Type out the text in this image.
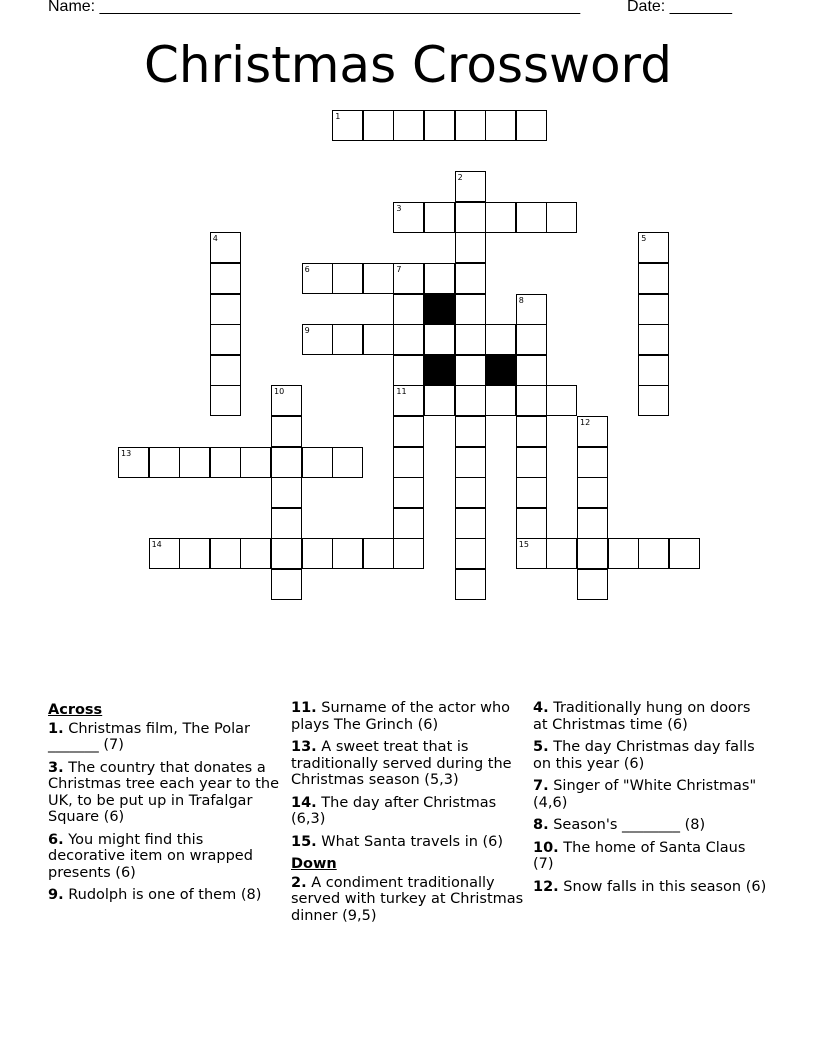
Name: ______________________________________________________	Date: _______
Christmas Crossword
1
2
3
4	5
6	7
11
8
9
10
12
13
14	15
Across
1. Christmas film, The Polar _______ (7)
3. The country that donates a Christmas tree each year to the UK, to be put up in Trafalgar Square (6)
6. You might find this decorative item on wrapped presents (6)
9. Rudolph is one of them (8)
11. Surname of the actor who plays The Grinch (6)
13. A sweet treat that is traditionally served during the Christmas season (5,3)
14. The day after Christmas (6,3)
15. What Santa travels in (6)
Down
2. A condiment traditionally served with turkey at Christmas dinner (9,5)
4. Traditionally hung on doors at Christmas time (6)
5. The day Christmas day falls on this year (6)
7. Singer of "White Christmas" (4,6)
8. Season's ________ (8)
10. The home of Santa Claus (7)
12. Snow falls in this season (6)
